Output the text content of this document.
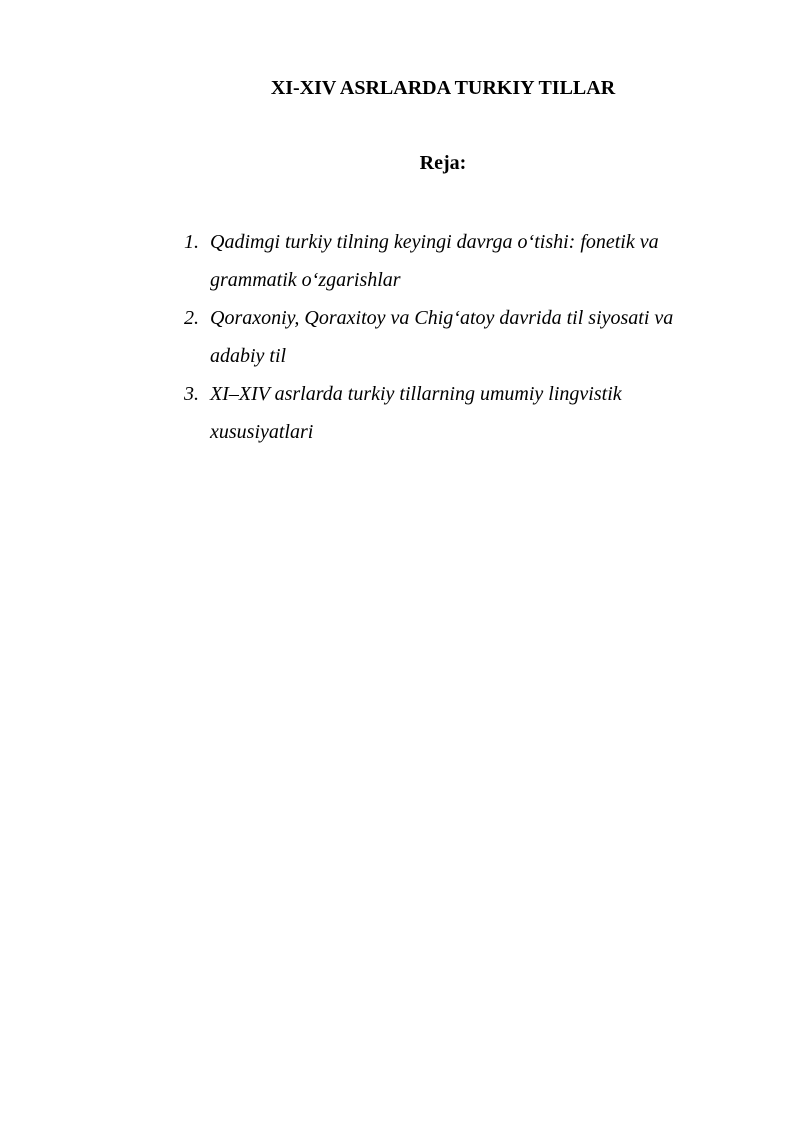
XI-XIV ASRLARDA TURKIY TILLAR
Reja:
1. Qadimgi turkiy tilning keyingi davrga o‘tishi: fonetik va grammatik o‘zgarishlar
2. Qoraxoniy, Qoraxitoy va Chig‘atoy davrida til siyosati va adabiy til
3. XI–XIV asrlarda turkiy tillarning umumiy lingvistik xususiyatlari
